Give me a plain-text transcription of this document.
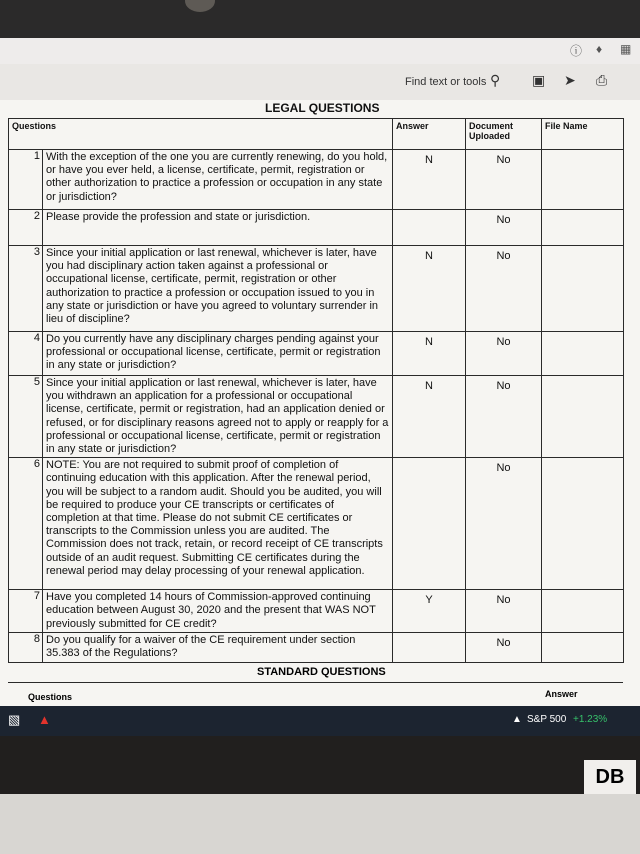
ⓘ ♦ ▦
Find text or tools ⚲ ▣ ➤ ⎙
LEGAL QUESTIONS
Questions		Answer	Document Uploaded	File Name
1	With the exception of the one you are currently renewing, do you hold, or have you ever held, a license, certificate, permit, registration or other authorization to practice a profession or occupation in any state or jurisdiction?	N	No	
2	Please provide the profession and state or jurisdiction.		No	
3	Since your initial application or last renewal, whichever is later, have you had disciplinary action taken against a professional or occupational license, certificate, permit, registration or other authorization to practice a profession or occupation issued to you in any state or jurisdiction or have you agreed to voluntary surrender in lieu of discipline?	N	No	
4	Do you currently have any disciplinary charges pending against your professional or occupational license, certificate, permit or registration in any state or jurisdiction?	N	No	
5	Since your initial application or last renewal, whichever is later, have you withdrawn an application for a professional or occupational license, certificate, permit or registration, had an application denied or refused, or for disciplinary reasons agreed not to apply or reapply for a professional or occupational license, certificate, permit or registration in any state or jurisdiction?	N	No	
6	NOTE: You are not required to submit proof of completion of continuing education with this application. After the renewal period, you will be subject to a random audit. Should you be audited, you will be required to produce your CE transcripts or certificates of completion at that time. Please do not submit CE certificates or transcripts to the Commission unless you are audited. The Commission does not track, retain, or record receipt of CE transcripts outside of an audit request. Submitting CE certificates during the renewal period may delay processing of your renewal application.		No	
7	Have you completed 14 hours of Commission-approved continuing education between August 30, 2020 and the present that WAS NOT previously submitted for CE credit?	Y	No	
8	Do you qualify for a waiver of the CE requirement under section 35.383 of the Regulations?		No	
STANDARD QUESTIONS
Questions	Answer
▧ ▲	▲ S&P 500 +1.23%
DB
